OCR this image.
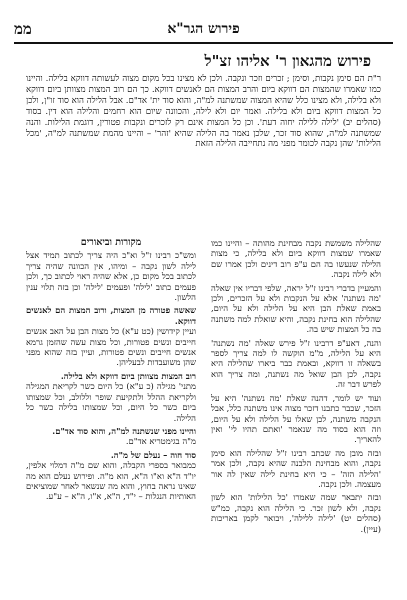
ממ	פירוש הגר"א
פירוש מהגאון ר' אליהו זצ"ל
ר"ת הם סימן נקבות, וסימן ; זכרים וזכר ונקבה. ולכן לא מצינו בכל מקום מצוה לעשותה דווקא בלילה. והיינו כמו שאמרו שהמצות הם דווקא ביום והרב המצות הם לאנשים דווקא. כך הם רוב המצות מצוותן ביום דווקא ולא בלילה, ולא מצינו כלל שהיא המצוה שמשתנה למ"ה, והוא סוד ית' אד"ם. אבל הלילה הוא סוד זו"ן, ולכן כל המצות דווקא ביום ולא בלילה. ואמר יום ולא לילה, והכוונה שיום הוא רחמים והלילה הוא דין. בסוד (סהלים יב) 'לילה ללילה יחוה דעת'. וכן כל המצות אינם רק לזכרים ונקבות פטורין, דוגמת הלילות. והנה שמשתנה למ"ה, שהוא סוד זכר, שלכן נאמר בה הלילה שהיא 'זהר' – והיינו מהמת שמשתנה למ"ה, 'מכל הלילות' שהן נקבה לכומר מפני מה נתחייבה הלילה הזאת

שהלילה משמשת נקבה מבחינת מהותה – והיינו כמו שאמרו שמצות דווקא ביום ולא בלילה, כי מצות הלילה שנעשו בה הם ע"פ רוב דינים ולכן אמרו שם ולא לילה נקבה.

והמעיין בדברי רבינו ז"ל יראה, שלפי דבריו אין שאלה 'מה נשתנה' אלא על הנקבות ולא על הזכרים, ולכן באמת שאלת הבן היא על הלילה ולא על היום, שהלילה הוא בחינת נקבה, והיא שואלת למה משתנה בה כל המצות שיש בה.

והנה, דאע"פ דרבינו ז"ל פירש שאלה 'מה נשתנה' היא על הלילה, מ"מ הוקשה לו למה צריך לספר בשאלה זו דווקא, ובאמת כבר ביארו שהלילה היא נקבה, לכן הבן שואל מה נשתנה, ומה צריך הוא לפרש דבר זה.

ועוד יש לומר, דהנה שאלת 'מה נשתנה' היא על הזכר, שכבר כתבנו דזכר מצוה אינו משתנה כלל, אבל הנקבה משתנה, לכן שאלו על הלילה ולא על היום, וזה הוא בסוד מה שנאמר 'ואתם תהיו לי' ואין להאריך.

ובזה מובן מה שכתב רבינו ז"ל שהלילה הוא סימן נקבה, והוא מבחינת הלבנה שהיא נקבה, ולכן אמר 'הלילה הזה' – כי היא בחינת לילה שאין לה אור מעצמה. ולכן נקבה.

ובזה יתבאר שמה שאמרו 'כל הלילות' הוא לשון נקבה, ולא לשון זכר. כי הלילה הוא נקבה, כמ"ש (סהלים יט) 'לילה ללילה', ויבואר לקמן באריכות (עיין).

מקורות וביאורים

ומש"כ רבינו ז"ל וא"כ היה צריך לכתוב תמיד אצל לילה לשון נקבה – ומיהו, אין הכוונה שהיה צריך לכתוב בכל מקום כן, אלא שהיה ראוי לכתוב כך, ולכן פעמים כתוב 'לילה' ופעמים 'לילה' וכן בזה תלוי ענין הלשון.

שאשה פטורה מן המצות, ורוב המצות הם לאנשים דווקא.

ועיין קידושין (כט ע"א) כל מצות הבן על האב אנשים חייבים ונשים פטורות, וכל מצות עשה שהזמן גרמא אנשים חייבים ונשים פטורות, ועיין בזה שהוא מפני שהן משועבדות לבעליהן.

רוב המצות מצוותן ביום דווקא ולא בלילה.

מתני' מגילה (כ ע"א) כל היום כשר לקריאת המגילה ולקריאת ההלל ולתקיעת שופר וללולב, וכל שמצותו ביום כשר כל היום, וכל שמצותו בלילה כשר כל הלילה.

והיינו מפני שנשתנה למ"ה, והוא סוד אד"ם.

מ"ה בגימטריא אד"ם.

סוד חוה – נעלם של מ"ה.

כמבואר בספרי הקבלה, והוא שם מ"ה דמלוי אלפין, יו"ד ה"א וא"ו ה"א, הוא מ"ה. ופירוש נעלם הוא מה שאינו נראה בחוץ, והוא מה שנשאר לאחר שמוציאים האותיות הנגלות – י"ד, ה"א, א"ו, ה"א – ע"ע.
